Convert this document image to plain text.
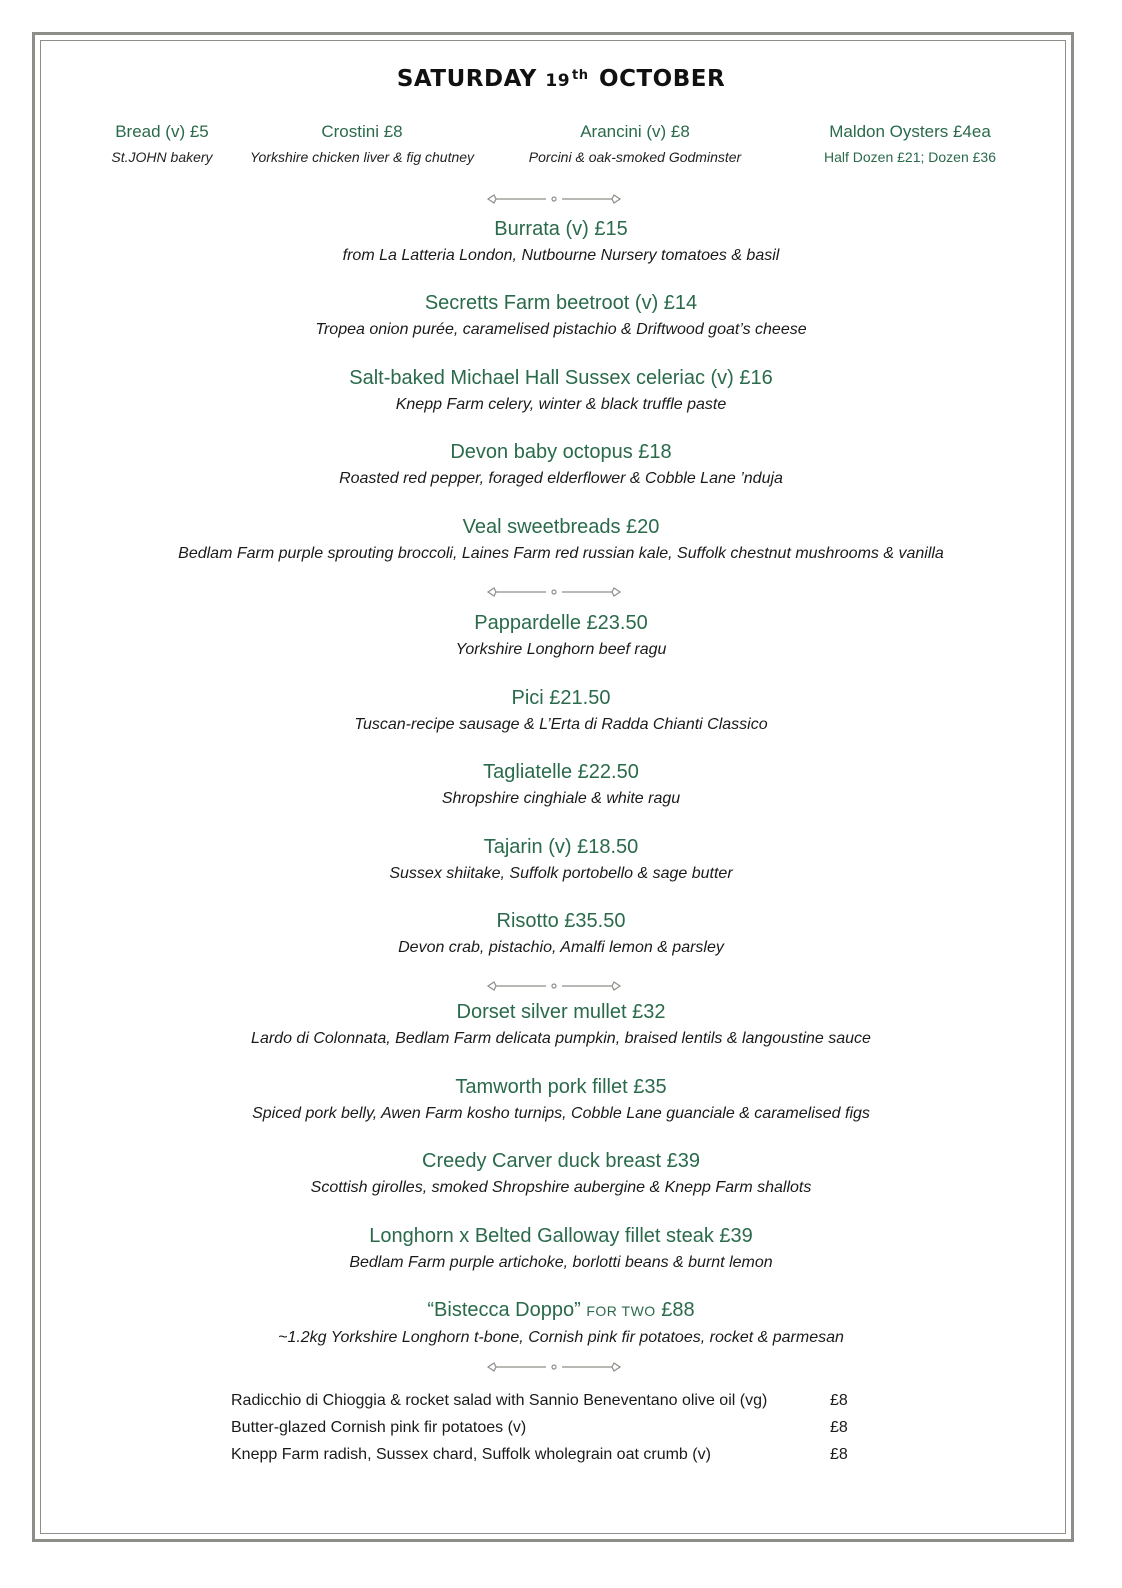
SATURDAY 19 $^{th}$ OCTOBER
Bread (v) £5
St.JOHN bakery
Crostini £8
Yorkshire chicken liver & fig chutney
Arancini (v) £8
Porcini & oak-smoked Godminster
Maldon Oysters £4ea
Half Dozen £21; Dozen £36
Burrata (v) £15
from La Latteria London, Nutbourne Nursery tomatoes & basil
Secretts Farm beetroot (v) £14
Tropea onion purée, caramelised pistachio & Driftwood goat’s cheese
Salt-baked Michael Hall Sussex celeriac (v) £16
Knepp Farm celery, winter & black truffle paste
Devon baby octopus £18
Roasted red pepper, foraged elderflower & Cobble Lane ’nduja
Veal sweetbreads £20
Bedlam Farm purple sprouting broccoli, Laines Farm red russian kale, Suffolk chestnut mushrooms & vanilla
Pappardelle £23.50
Yorkshire Longhorn beef ragu
Pici £21.50
Tuscan-recipe sausage & L’Erta di Radda Chianti Classico
Tagliatelle £22.50
Shropshire cinghiale & white ragu
Tajarin (v) £18.50
Sussex shiitake, Suffolk portobello & sage butter
Risotto £35.50
Devon crab, pistachio, Amalfi lemon & parsley
Dorset silver mullet £32
Lardo di Colonnata, Bedlam Farm delicata pumpkin, braised lentils & langoustine sauce
Tamworth pork fillet £35
Spiced pork belly, Awen Farm kosho turnips, Cobble Lane guanciale & caramelised figs
Creedy Carver duck breast £39
Scottish girolles, smoked Shropshire aubergine & Knepp Farm shallots
Longhorn x Belted Galloway fillet steak £39
Bedlam Farm purple artichoke, borlotti beans & burnt lemon
“Bistecca Doppo” FOR TWO £88
~1.2kg Yorkshire Longhorn t-bone, Cornish pink fir potatoes, rocket & parmesan
Radicchio di Chioggia & rocket salad with Sannio Beneventano olive oil (vg)	£8
Butter-glazed Cornish pink fir potatoes (v)	£8
Knepp Farm radish, Sussex chard, Suffolk wholegrain oat crumb (v)	£8
